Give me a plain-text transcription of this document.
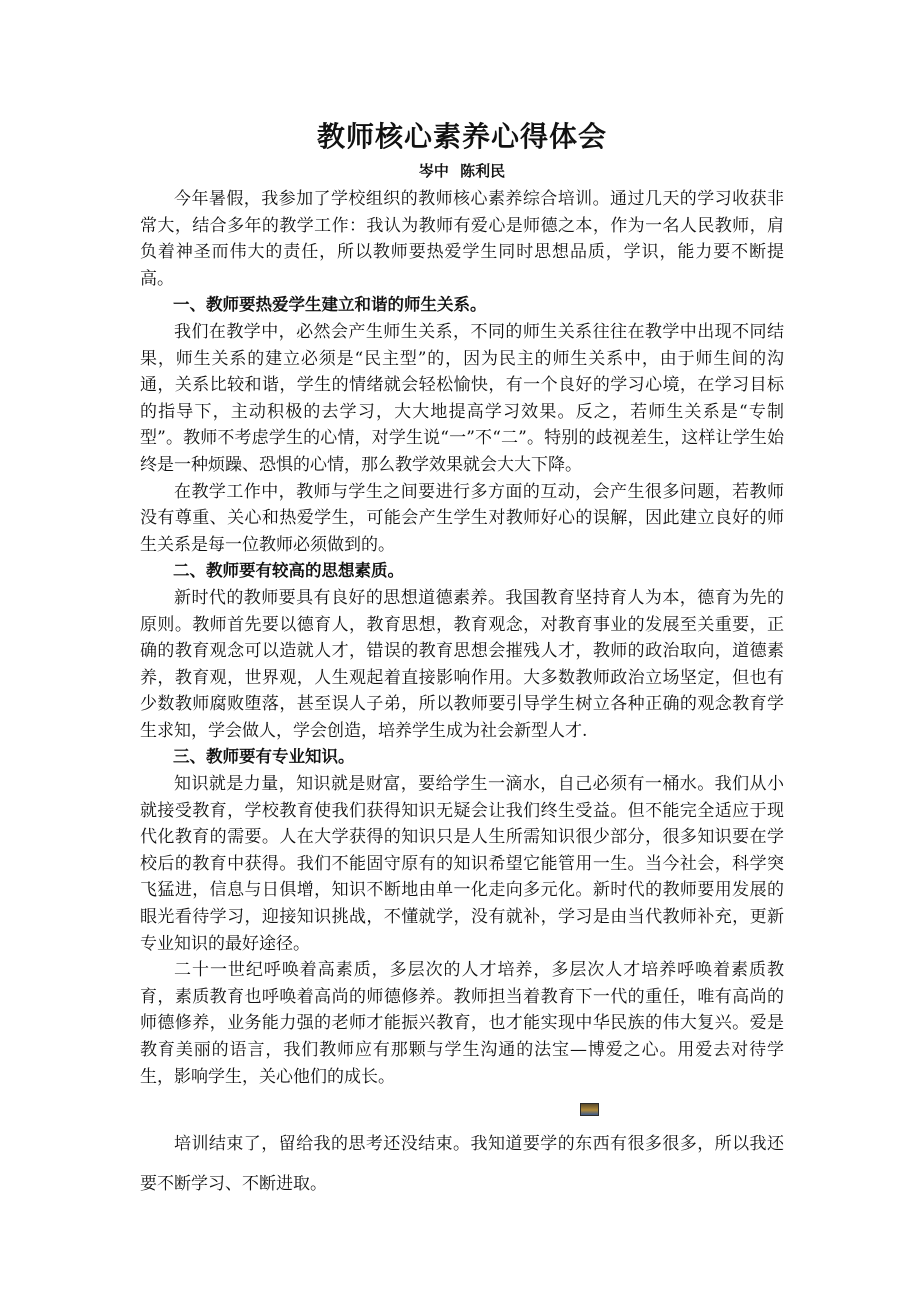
教师核心素养心得体会
岑中 陈利民

今年暑假，我参加了学校组织的教师核心素养综合培训。通过几天的学习收获非常大，结合多年的教学工作：我认为教师有爱心是师德之本，作为一名人民教师，肩负着神圣而伟大的责任，所以教师要热爱学生同时思想品质，学识，能力要不断提高。

一、教师要热爱学生建立和谐的师生关系。

我们在教学中，必然会产生师生关系，不同的师生关系往往在教学中出现不同结果，师生关系的建立必须是“民主型”的，因为民主的师生关系中，由于师生间的沟通，关系比较和谐，学生的情绪就会轻松愉快，有一个良好的学习心境，在学习目标的指导下，主动积极的去学习，大大地提高学习效果。反之，若师生关系是“专制型”。教师不考虑学生的心情，对学生说“一”不“二”。特别的歧视差生，这样让学生始终是一种烦躁、恐惧的心情，那么教学效果就会大大下降。

在教学工作中，教师与学生之间要进行多方面的互动，会产生很多问题，若教师没有尊重、关心和热爱学生，可能会产生学生对教师好心的误解，因此建立良好的师生关系是每一位教师必须做到的。

二、教师要有较高的思想素质。

新时代的教师要具有良好的思想道德素养。我国教育坚持育人为本，德育为先的原则。教师首先要以德育人，教育思想，教育观念，对教育事业的发展至关重要，正确的教育观念可以造就人才，错误的教育思想会摧残人才，教师的政治取向，道德素养，教育观，世界观，人生观起着直接影响作用。大多数教师政治立场坚定，但也有少数教师腐败堕落，甚至误人子弟，所以教师要引导学生树立各种正确的观念教育学生求知，学会做人，学会创造，培养学生成为社会新型人才.

三、教师要有专业知识。

知识就是力量，知识就是财富，要给学生一滴水，自己必须有一桶水。我们从小就接受教育，学校教育使我们获得知识无疑会让我们终生受益。但不能完全适应于现代化教育的需要。人在大学获得的知识只是人生所需知识很少部分，很多知识要在学校后的教育中获得。我们不能固守原有的知识希望它能管用一生。当今社会，科学突飞猛进，信息与日俱增，知识不断地由单一化走向多元化。新时代的教师要用发展的眼光看待学习，迎接知识挑战，不懂就学，没有就补，学习是由当代教师补充，更新专业知识的最好途径。

二十一世纪呼唤着高素质，多层次的人才培养，多层次人才培养呼唤着素质教育，素质教育也呼唤着高尚的师德修养。教师担当着教育下一代的重任，唯有高尚的师德修养，业务能力强的老师才能振兴教育，也才能实现中华民族的伟大复兴。爱是教育美丽的语言，我们教师应有那颗与学生沟通的法宝—博爱之心。用爱去对待学生，影响学生，关心他们的成长。

培训结束了，留给我的思考还没结束。我知道要学的东西有很多很多，所以我还要不断学习、不断进取。
